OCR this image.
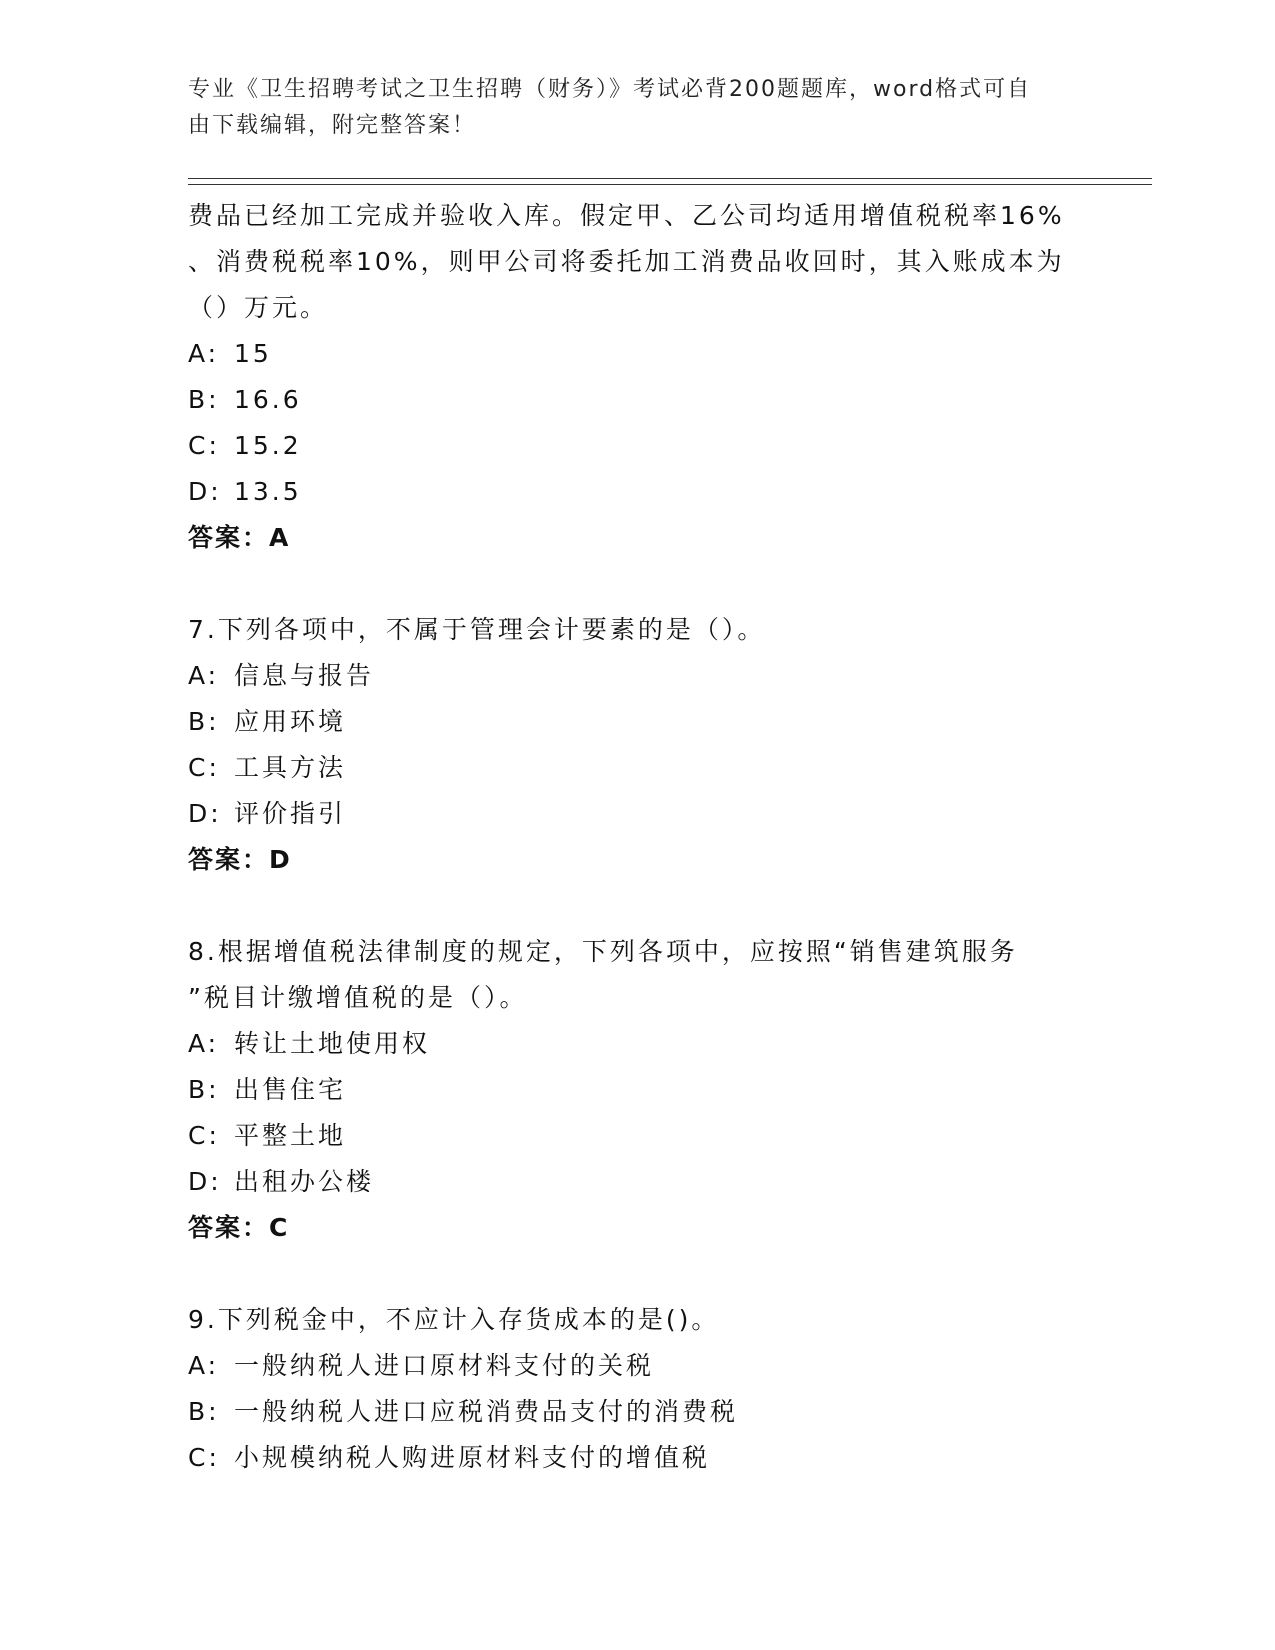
专业《卫生招聘考试之卫生招聘（财务）》考试必背200题题库，word格式可自
由下载编辑，附完整答案！
费品已经加工完成并验收入库。假定甲、乙公司均适用增值税税率16%
、消费税税率10%，则甲公司将委托加工消费品收回时，其入账成本为
（）万元。
A: 15
B: 16.6
C: 15.2
D: 13.5
答案：A
7.下列各项中，不属于管理会计要素的是（）。
A: 信息与报告
B: 应用环境
C: 工具方法
D: 评价指引
答案：D
8.根据增值税法律制度的规定，下列各项中，应按照“销售建筑服务
”税目计缴增值税的是（）。
A: 转让土地使用权
B: 出售住宅
C: 平整土地
D: 出租办公楼
答案：C
9.下列税金中，不应计入存货成本的是()。
A: 一般纳税人进口原材料支付的关税
B: 一般纳税人进口应税消费品支付的消费税
C: 小规模纳税人购进原材料支付的增值税
